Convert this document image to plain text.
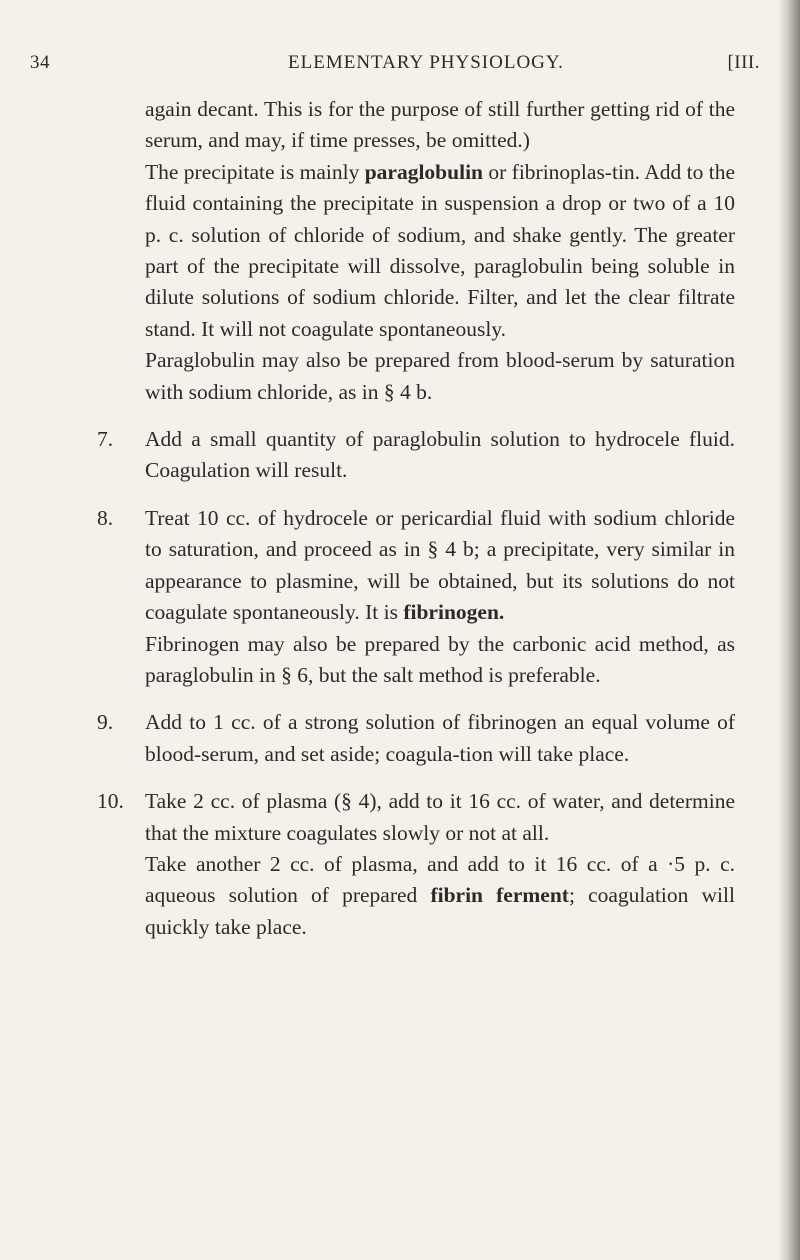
34	ELEMENTARY PHYSIOLOGY.	[III.
again decant. This is for the purpose of still further getting rid of the serum, and may, if time presses, be omitted.)
The precipitate is mainly paraglobulin or fibrinoplas-tin. Add to the fluid containing the precipitate in suspension a drop or two of a 10 p. c. solution of chloride of sodium, and shake gently. The greater part of the precipitate will dissolve, paraglobulin being soluble in dilute solutions of sodium chloride. Filter, and let the clear filtrate stand. It will not coagulate spontaneously.
Paraglobulin may also be prepared from blood-serum by saturation with sodium chloride, as in § 4 b.
7. Add a small quantity of paraglobulin solution to hydrocele fluid. Coagulation will result.
8. Treat 10 cc. of hydrocele or pericardial fluid with sodium chloride to saturation, and proceed as in § 4 b; a precipitate, very similar in appearance to plasmine, will be obtained, but its solutions do not coagulate spontaneously. It is fibrinogen.
Fibrinogen may also be prepared by the carbonic acid method, as paraglobulin in § 6, but the salt method is preferable.
9. Add to 1 cc. of a strong solution of fibrinogen an equal volume of blood-serum, and set aside; coagula-tion will take place.
10. Take 2 cc. of plasma (§ 4), add to it 16 cc. of water, and determine that the mixture coagulates slowly or not at all.
Take another 2 cc. of plasma, and add to it 16 cc. of a ·5 p. c. aqueous solution of prepared fibrin ferment; coagulation will quickly take place.
